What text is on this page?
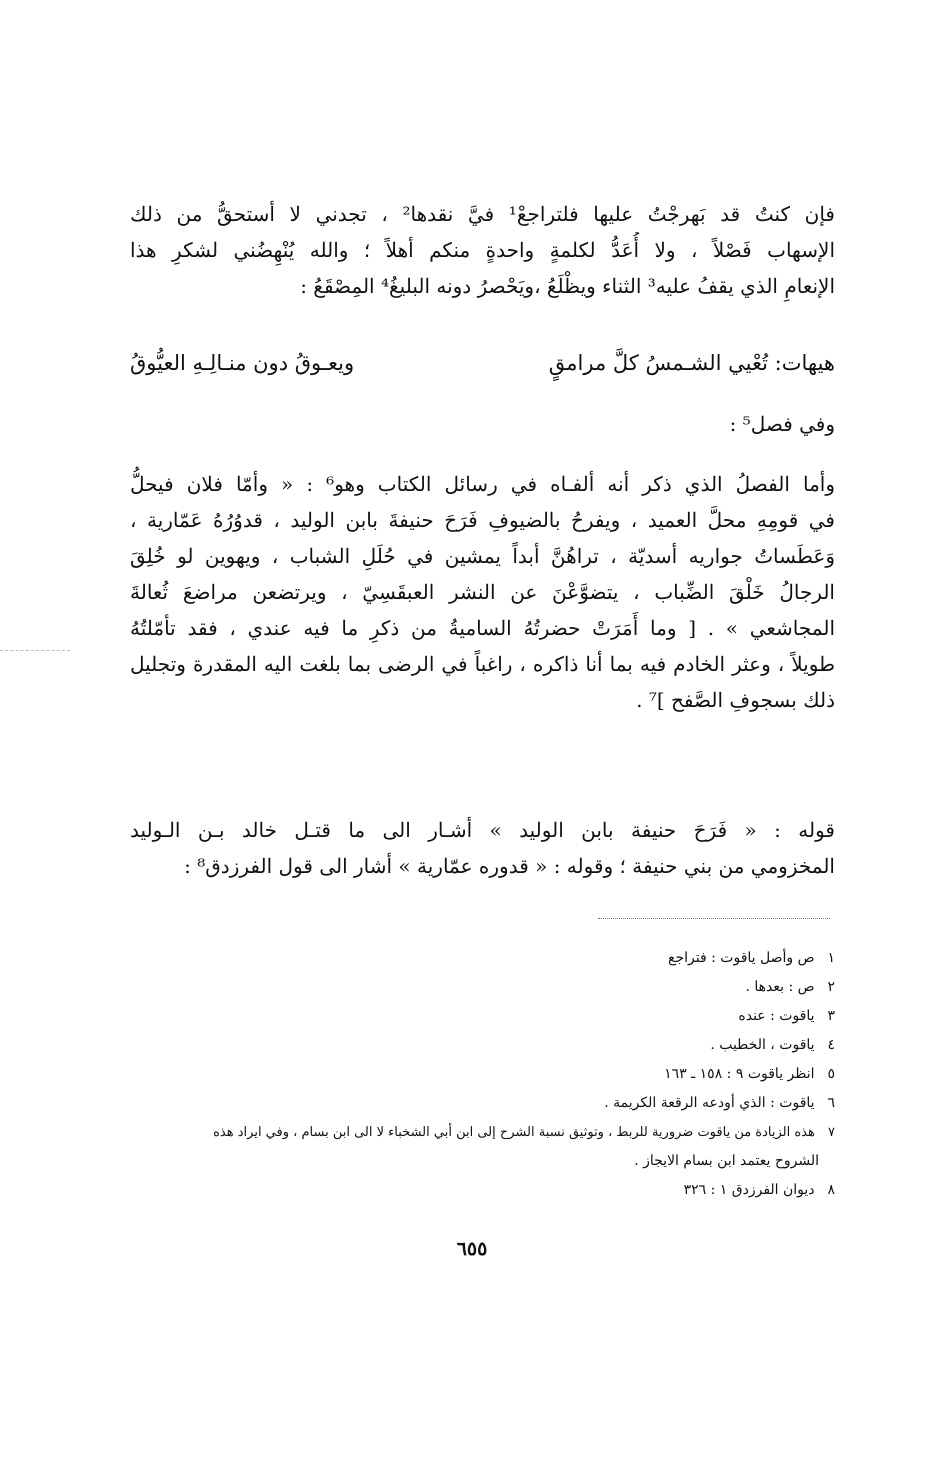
فإن كنتُ قد بَهرجْتُ عليها فلتراجعْ¹ فيَّ نقدها² ، تجدني لا أستحقُّ من ذلك
الإسهاب فَصْلاً ، ولا أُعَدُّ لكلمةٍ واحدةٍ منكم أهلاً ؛ والله يُنْهِضُني لشكرِ هذا
الإنعامِ الذي يقفُ عليه³ الثناء ويظْلَعُ ،ويَحْصرُ دونه البليغُ⁴ المِصْقَعُ :
هيهات: تُعْيي الشـمسُ كلَّ مرامقٍ
ويعـوقُ دون منـالِـهِ العيُّوقُ
وفي فصل⁵ :
وأما الفصلُ الذي ذكر أنه ألفـاه في رسائل الكتاب وهو⁶ : « وأمّا فلان فيحلُّ
في قومِهِ محلَّ العميد ، ويفرحُ بالضيوفِ فَرَحَ حنيفةَ بابن الوليد ، قدوُرُهُ عَمّارية ،
وَعَطَساتُ جواريه أسديّة ، تراهُنَّ أبداً يمشين في حُلَلِ الشباب ، ويهوين لو خُلِقَ
الرجالُ خَلْقَ الضِّباب ، يتضوَّعْنَ عن النشر العبقَسِيّ ، ويرتضعن مراضعَ ثُعالةَ
المجاشعي » . [ وما أَمَرَتْ حضرتُهُ الساميةُ من ذكرِ ما فيه عندي ، فقد تأمّلتُهُ
طويلاً ، وعثر الخادم فيه بما أنا ذاكره ، راغباً في الرضى بما بلغت اليه المقدرة وتجليل
ذلك بسجوفِ الصَّفح ]⁷ .
قوله : « فَرَحَ حنيفة بابن الوليد » أشـار الى ما قتـل خالد بـن الـوليد
المخزومي من بني حنيفة ؛ وقوله : « قدوره عمّارية » أشار الى قول الفرزدق⁸ :
١ ص وأصل ياقوت : فتراجع
٢ ص : بعدها .
٣ ياقوت : عنده
٤ ياقوت ، الخطيب .
٥ انظر ياقوت ٩ : ١٥٨ ـ ١٦٣
٦ ياقوت : الذي أودعه الرقعة الكريمة .
٧ هذه الزيادة من ياقوت ضرورية للربط ، وتوثيق نسبة الشرح إلى ابن أبي الشخباء لا الى ابن بسام ، وفي ايراد هذه
الشروح يعتمد ابن بسام الايجاز .
٨ ديوان الفرزدق ١ : ٣٢٦
٦٥٥
